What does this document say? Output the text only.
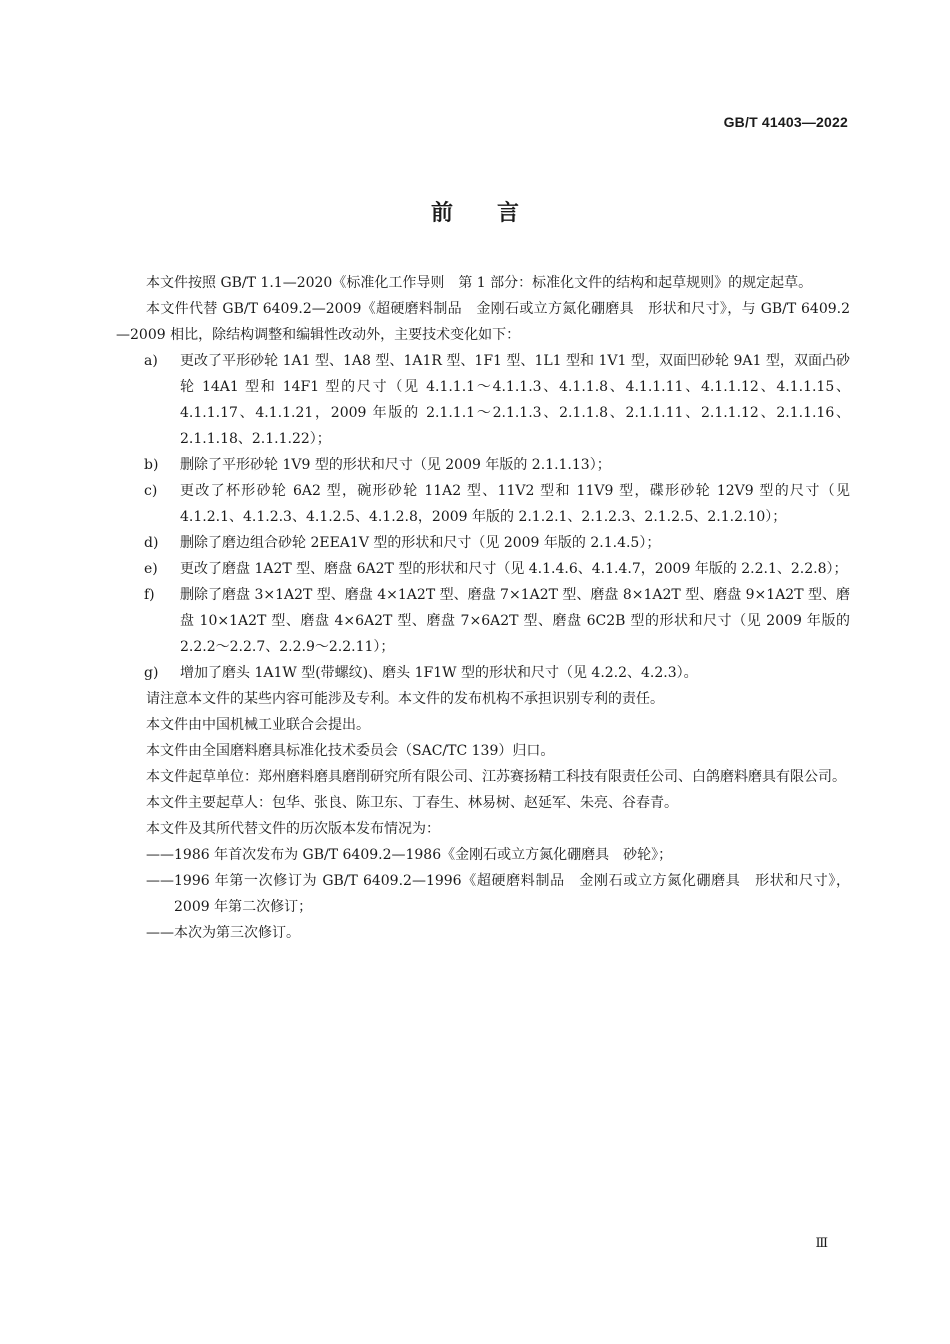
GB/T 41403—2022
前言

本文件按照 GB/T 1.1—2020《标准化工作导则　第 1 部分：标准化文件的结构和起草规则》的规定起草。

本文件代替 GB/T 6409.2—2009《超硬磨料制品　金刚石或立方氮化硼磨具　形状和尺寸》，与 GB/T 6409.2—2009 相比，除结构调整和编辑性改动外，主要技术变化如下：

a)	更改了平形砂轮 1A1 型、1A8 型、1A1R 型、1F1 型、1L1 型和 1V1 型，双面凹砂轮 9A1 型，双面凸砂轮 14A1 型和 14F1 型的尺寸（见 4.1.1.1～4.1.1.3、4.1.1.8、4.1.1.11、4.1.1.12、4.1.1.15、4.1.1.17、4.1.1.21，2009 年版的 2.1.1.1～2.1.1.3、2.1.1.8、2.1.1.11、2.1.1.12、2.1.1.16、2.1.1.18、2.1.1.22）；
b)	删除了平形砂轮 1V9 型的形状和尺寸（见 2009 年版的 2.1.1.13）；
c)	更改了杯形砂轮 6A2 型，碗形砂轮 11A2 型、11V2 型和 11V9 型，碟形砂轮 12V9 型的尺寸（见 4.1.2.1、4.1.2.3、4.1.2.5、4.1.2.8，2009 年版的 2.1.2.1、2.1.2.3、2.1.2.5、2.1.2.10）；
d)	删除了磨边组合砂轮 2EEA1V 型的形状和尺寸（见 2009 年版的 2.1.4.5）；
e)	更改了磨盘 1A2T 型、磨盘 6A2T 型的形状和尺寸（见 4.1.4.6、4.1.4.7，2009 年版的 2.2.1、2.2.8）；
f)	删除了磨盘 3×1A2T 型、磨盘 4×1A2T 型、磨盘 7×1A2T 型、磨盘 8×1A2T 型、磨盘 9×1A2T 型、磨盘 10×1A2T 型、磨盘 4×6A2T 型、磨盘 7×6A2T 型、磨盘 6C2B 型的形状和尺寸（见 2009 年版的 2.2.2～2.2.7、2.2.9～2.2.11）；
g)	增加了磨头 1A1W 型(带螺纹)、磨头 1F1W 型的形状和尺寸（见 4.2.2、4.2.3）。

请注意本文件的某些内容可能涉及专利。本文件的发布机构不承担识别专利的责任。

本文件由中国机械工业联合会提出。

本文件由全国磨料磨具标准化技术委员会（SAC/TC 139）归口。

本文件起草单位：郑州磨料磨具磨削研究所有限公司、江苏赛扬精工科技有限责任公司、白鸽磨料磨具有限公司。

本文件主要起草人：包华、张良、陈卫东、丁春生、林易树、赵延军、朱亮、谷春青。

本文件及其所代替文件的历次版本发布情况为：

——1986 年首次发布为 GB/T 6409.2—1986《金刚石或立方氮化硼磨具　砂轮》；

——1996 年第一次修订为 GB/T 6409.2—1996《超硬磨料制品　金刚石或立方氮化硼磨具　形状和尺寸》，2009 年第二次修订；

——本次为第三次修订。

Ⅲ
